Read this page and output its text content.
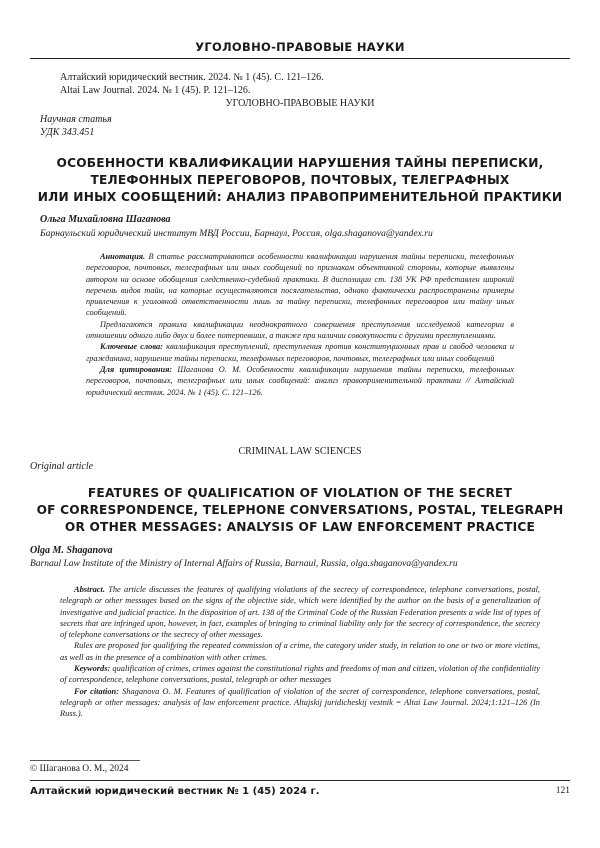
УГОЛОВНО-ПРАВОВЫЕ НАУКИ
Алтайский юридический вестник. 2024. № 1 (45). С. 121–126.
Altai Law Journal. 2024. № 1 (45). P. 121–126.
УГОЛОВНО-ПРАВОВЫЕ НАУКИ
Научная статья
УДК 343.451
ОСОБЕННОСТИ КВАЛИФИКАЦИИ НАРУШЕНИЯ ТАЙНЫ ПЕРЕПИСКИ,
ТЕЛЕФОННЫХ ПЕРЕГОВОРОВ, ПОЧТОВЫХ, ТЕЛЕГРАФНЫХ
ИЛИ ИНЫХ СООБЩЕНИЙ: АНАЛИЗ ПРАВОПРИМЕНИТЕЛЬНОЙ ПРАКТИКИ
Ольга Михайловна Шаганова
Барнаульский юридический институт МВД России, Барнаул, Россия, olga.shaganova@yandex.ru
Аннотация. В статье рассматриваются особенности квалификации нарушения тайны переписки, телефонных переговоров, почтовых, телеграфных или иных сообщений по признакам объективной стороны, которые выявлены автором на основе обобщения следственно-судебной практики. В диспозиции ст. 138 УК РФ представлен широкий перечень видов тайн, на которые осуществляются посягательства, однако фактически распространены примеры привлечения к уголовной ответственности лишь за тайну переписки, телефонных переговоров или тайну иных сообщений.
Предлагаются правила квалификации неоднократного совершения преступления исследуемой категории в отношении одного либо двух и более потерпевших, а также при наличии совокупности с другими преступлениями.
Ключевые слова: квалификация преступлений, преступления против конституционных прав и свобод человека и гражданина, нарушение тайны переписки, телефонных переговоров, почтовых, телеграфных или иных сообщений
Для цитирования: Шаганова О. М. Особенности квалификации нарушения тайны переписки, телефонных переговоров, почтовых, телеграфных или иных сообщений: анализ правоприменительной практики // Алтайский юридический вестник. 2024. № 1 (45). С. 121–126.
CRIMINAL LAW SCIENCES
Original article
FEATURES OF QUALIFICATION OF VIOLATION OF THE SECRET
OF CORRESPONDENCE, TELEPHONE CONVERSATIONS, POSTAL, TELEGRAPH
OR OTHER MESSAGES: ANALYSIS OF LAW ENFORCEMENT PRACTICE
Olga M. Shaganova
Barnaul Law Institute of the Ministry of Internal Affairs of Russia, Barnaul, Russia, olga.shaganova@yandex.ru
Abstract. The article discusses the features of qualifying violations of the secrecy of correspondence, telephone conversations, postal, telegraph or other messages based on the signs of the objective side, which were identified by the author on the basis of a generalization of investigative and judicial practice. In the disposition of art. 138 of the Criminal Code of the Russian Federation presents a wide list of types of secrets that are infringed upon, however, in fact, examples of bringing to criminal liability only for the secrecy of correspondence, the secrecy of telephone conversations or the secrecy of other messages.
Rules are proposed for qualifying the repeated commission of a crime, the category under study, in relation to one or two or more victims, as well as in the presence of a combination with other crimes.
Keywords: qualification of crimes, crimes against the constitutional rights and freedoms of man and citizen, violation of the confidentiality of correspondence, telephone conversations, postal, telegraph or other messages
For citation: Shaganova O. M. Features of qualification of violation of the secret of correspondence, telephone conversations, postal, telegraph or other messages: analysis of law enforcement practice. Altajskij juridicheskij vestnik = Altai Law Journal. 2024;1:121–126 (In Russ.).
© Шаганова О. М., 2024
Алтайский юридический вестник № 1 (45) 2024 г.	121
